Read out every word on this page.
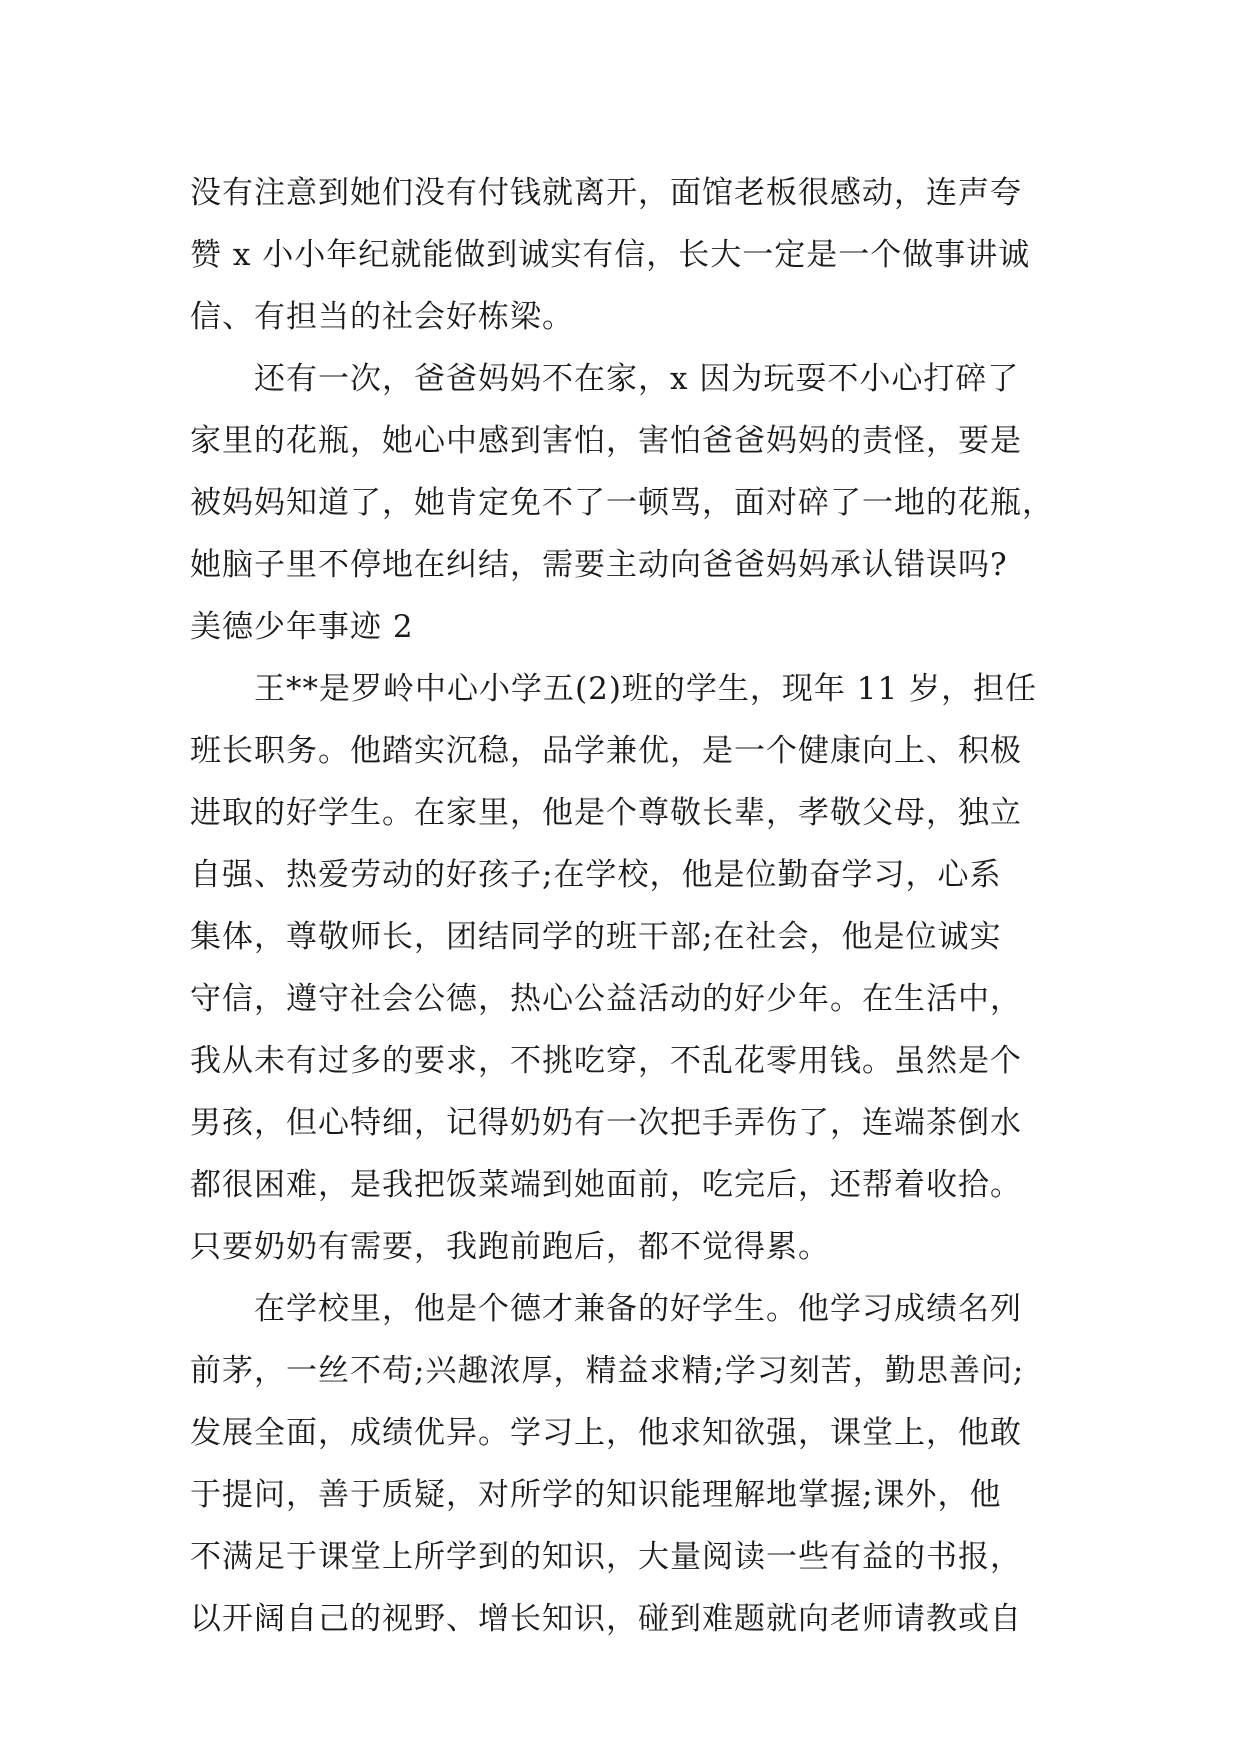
没有注意到她们没有付钱就离开，面馆老板很感动，连声夸
赞 x 小小年纪就能做到诚实有信，长大一定是一个做事讲诚
信、有担当的社会好栋梁。
还有一次，爸爸妈妈不在家，x 因为玩耍不小心打碎了
家里的花瓶，她心中感到害怕，害怕爸爸妈妈的责怪，要是
被妈妈知道了，她肯定免不了一顿骂，面对碎了一地的花瓶，
她脑子里不停地在纠结，需要主动向爸爸妈妈承认错误吗?
美德少年事迹 2
王**是罗岭中心小学五(2)班的学生，现年 11 岁，担任
班长职务。他踏实沉稳，品学兼优，是一个健康向上、积极
进取的好学生。在家里，他是个尊敬长辈，孝敬父母，独立
自强、热爱劳动的好孩子;在学校，他是位勤奋学习，心系
集体，尊敬师长，团结同学的班干部;在社会，他是位诚实
守信，遵守社会公德，热心公益活动的好少年。在生活中，
我从未有过多的要求，不挑吃穿，不乱花零用钱。虽然是个
男孩，但心特细，记得奶奶有一次把手弄伤了，连端茶倒水
都很困难，是我把饭菜端到她面前，吃完后，还帮着收拾。
只要奶奶有需要，我跑前跑后，都不觉得累。
在学校里，他是个德才兼备的好学生。他学习成绩名列
前茅，一丝不苟;兴趣浓厚，精益求精;学习刻苦，勤思善问;
发展全面，成绩优异。学习上，他求知欲强，课堂上，他敢
于提问，善于质疑，对所学的知识能理解地掌握;课外，他
不满足于课堂上所学到的知识，大量阅读一些有益的书报，
以开阔自己的视野、增长知识，碰到难题就向老师请教或自
